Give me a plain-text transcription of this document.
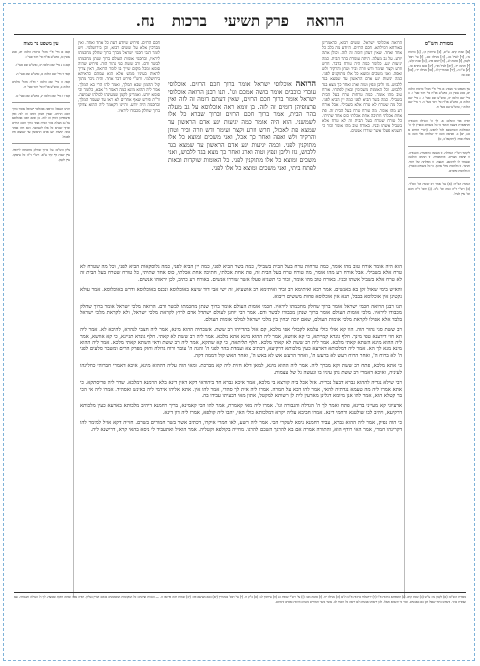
הרואה פרק תשיעי ברכות נח.
מסורת הש"ס

[א] שבת קיא. ע"ש, [ב] עירובין ק:, [ג] ברכות נד:, [ד] לעיל מג., [ה] מגילה כט., [ו] עי' תוס' לקמן, [ז] סוטה לג., [ח] יומא פה:, [ט] שבת קלג:, [י] חגיגה יד., [יא] לעיל מד:, [יב] בבא בתרא טו., [יג] ע"ז ה., [יד] סנהדרין לז., [טו] מגילה יד:, [טז] שם טו:

עין משפט נר מצוה: א מיי' פ"י מהל' ברכות הלכה יא, סמג עשין כז, טוש"ע או"ח סי' רכד סעי' ו. ב מיי' שם הלכה יב, טוש"ע שם סעי' ז. ג מיי' שם הלכה ט, טוש"ע או"ח סי' רכד סעי' ה. ד מיי' שם הלכה י, טוש"ע שם סעי' ח.

תורה אור השלם: א. לך ה' הגדלה והגבורה והתפארת והנצח וההוד כי כל בשמים ובארץ לך ה' הממלכה והמתנשא לכל לראש. (דברי הימים א כט, יא) ב. ואראה והנה יד שלוחה אלי והנה בו מגלת ספר. (יחזקאל ב, ט)

ליקוטי רש"י: הגדולה. זו מעשה בראשית. והגבורה. זו יציאת מצרים. והתפארת. זו החמה והלבנה שעמדו לו ליהושע. והנצח. זו מפלתה של רומי. וההוד. זו מלחמת נחלי ארנון. כי כל בשמים ובארץ. זו מלחמת סיסרא.

הגהות הב"ח: (א) גמ' אמר רב ששת וכו' הס"ד. (ב) רש"י ד"ה כמה וכו' נ"ב. (ג) תוס' ד"ה חכם וכו' עיין לעיל.

עין משפט נר מצוה

קסב א מיי' פ"י מהל' ברכות הלכה יא, סמג עשין כז, טוש"ע או"ח סי' רכד סעי' ו.

קסג ב ג מיי' שם הלכה יב, טוש"ע שם סעי' ז.

קסד ד מיי' שם הלכה ט, טוש"ע שם סעי' ה.

קסה ה מיי' שם הלכה י ופ"ה מהל' מלכים הלכה ב, טוש"ע או"ח סי' רכד סעי' ח.

קסו ו ז מיי' שם הלכה יג, טוש"ע שם סעי' ט.

רבינו חננאל: הרואה אוכלוסי ישראל אומר ברוך חכם הרזים. שאין דעתן דומה זה לזה ואין פרצופיהן דומין זה לזה. בן זומא ראה אוכלוסא על גב מעלה בהר הבית אמר ברוך חכם הרזים וברוך שברא כל אלו לשמשני. הוא היה אומר כמה יגיעות יגע אדם הראשון עד שמצא פת לאכול.

גליון הש"ס: גמ' ברוך שחלק מחכמתו ליראיו. עיין שבת דף קיד ע"א. רש"י ד"ה כל עיסוקו. עיין לקמן.

הרואה אוכלוסי ישראל. ששים רבוא, כדאמרינן באורחא דמילתא. חכם הרזים. היודע מה בלב כל אחד ואחד. שאין דעתן דומה זה לזה. וכולן אתה יודע. על גב מעלה. היתה עומדת בהר הבית. כמה יגיעות יגע. כלומר כמה היה טורח בדבר. חרש וזרע וקצר ועימר ודש וזרה וביר וטחן והרקיד ולש ואפה. ואני משכים ומוצא כל אלו מתוקנים לפני. כמה יגיעות יגע אדם הראשון עד שמצא בגד ללבוש. גזז וליבן ונפץ וטוה וארג ואחר כך מצא בגד ללבוש. וכל האומות משכימין ובאין לפתחי. אורח טוב מהו אומר. כמה טרחות טרח בעל הבית בשבילי. כמה בשר הביא לפני כמה יין הביא לפני. וכל מה שטרח לא טרח אלא בשבילי. אבל אורח רע מהו אומר. מה טורח טרח בעל הבית זה. פת אחת אכלתי חתיכה אחת אכלתי כוס אחד שתיתי. כל טורח שטרח בעל הבית זה לא טרח אלא בשביל אשתו ובניו. באורח טוב מהו אומר זכור כי תשגיא פעלו אשר שוררו אנשים.

חכם הרזים. פירוש שיודע דעת כל אחד ואחד. ואין מברכין אלא על ששים רבוא, וכן בירושלמי. ויש לומר דגבי חכמי ישראל מברך ברוך שחלק מחכמתו ליראיו, ובחכמי אומות העולם ברוך שנתן מחכמתו לבשר ודם. ורב ששת סגי נהור הוה. פירוש שהיה סומא ומכל מקום שייך בו לומר הרואה, דאין צריך לראות בעיניו ממש אלא הוא עמהם כדאיתא בירושלמי. ורש"י פירש דבר אחר. והיה ניכר מתוך קול ההמון שבא המלך, ואמר להו הרי בא המלך. אמר ליה ההוא מינא כמה דאמר ר' אבא, כלומר וכי סומא יודע. ואמרינן לקמן שמעינהו לכולהו שמיעה. ור"ת פירש שאף אחרים לא ראו עד שעמד המלך, ובחכמה היה יודע. והיינו דקאמר ליה ההוא צדוקי ברוך שחלק מכבודו ליראיו.

הרואה אוכלוסי ישראל אומר ברוך חכם הרזים. אוכלוסי עובדי כוכבים אומר בושה אמכם וגו'. תנו רבנן הרואה אוכלוסי ישראל אומר ברוך חכם הרזים, שאין דעתם דומה זה לזה ואין פרצופיהן דומים זה לזה. בן זומא ראה אוכלוסא על גב מעלה בהר הבית, אמר ברוך חכם הרזים וברוך שברא כל אלו לשמשני. הוא היה אומר כמה יגיעות יגע אדם הראשון עד שמצא פת לאכול, חרש וזרע וקצר ועימר ודש וזרה וביר וטחן והרקיד ולש ואפה ואחר כך אכל, ואני משכים ומוצא כל אלו מתוקנין לפני. וכמה יגיעות יגע אדם הראשון עד שמצא בגד ללבוש, גזז וליבן ונפץ וטוה וארג ואחר כך מצא בגד ללבוש, ואני משכים ומוצא כל אלו מתוקנין לפני. כל האומות שוקדות ובאות לפתח ביתי, ואני משכים ומוצא כל אלו לפני.

הוא היה אומר אורח טוב מהו אומר, כמה טרחות טרח בעל הבית בשבילי, כמה בשר הביא לפני, כמה יין הביא לפני, כמה גלוסקאות הביא לפני, וכל מה שטרח לא טרח אלא בשבילי. אבל אורח רע מהו אומר, מה טורח טרח בעל הבית זה, פת אחת אכלתי, חתיכה אחת אכלתי, כוס אחד שתיתי, כל טורח שטרח בעל הבית זה לא טרח אלא בשביל אשתו ובניו. באורח טוב מהו אומר, זכור כי תשגיא פעלו אשר שוררו אנשים. באורח רע כתיב, לכן יראוהו אנשים.

והאיש בימי שאול זקן בא באנשים. אמר רבא ואיתימא רב זביד ואיתימא רב אושעיא, זה ישי אבי דוד שיצא באוכלוסא ונכנס באוכלוסא ודרש באוכלוסא. אמר עולא נקטינן אין אוכלוסא בבבל, תנא אין אוכלוסא פחות מששים ריבוא.

תנו רבנן הרואה חכמי ישראל אומר ברוך שחלק מחכמתו ליראיו. חכמי אומות העולם אומר ברוך שנתן מחכמתו לבשר ודם. הרואה מלכי ישראל אומר ברוך שחלק מכבודו ליראיו. מלכי אומות העולם אומר ברוך שנתן מכבודו לבשר ודם. אמר רבי יוחנן לעולם ישתדל אדם לרוץ לקראת מלכי ישראל, ולא לקראת מלכי ישראל בלבד אלא אפילו לקראת מלכי אומות העולם, שאם יזכה יבחין בין מלכי ישראל למלכי אומות העולם.

רב ששת סגי נהור הוה. הוו קא אזלי כולי עלמא לקבולי אפי מלכא, קם אזל בהדייהו רב ששת. אשכחיה ההוא מינא, אמר ליה חצבי לנהרא, להיכא לא. אמר ליה תא חזי דידענא טפי מינך. חלף גונדא קמייתא, כי קא אוושא, אמר ליה ההוא מינא אתא מלכא. אמר ליה רב ששת לא קאתי. חלף גונדא תניינא, כי קא אוושא, אמר ליה ההוא מינא השתא קאתי מלכא. אמר ליה רב ששת לא קאתי מלכא. חלף תליתאה, כי קא שתקא, אמר ליה רב ששת ודאי השתא קאתי מלכא. אמר ליה ההוא מינא מנא לך הא. אמר ליה דמלכותא דארעא כעין מלכותא דרקיעא, דכתיב צא ועמדת בהר לפני ה' והנה ה' עובר ורוח גדולה וחזק מפרק הרים ומשבר סלעים לפני ה' לא ברוח ה', ואחר הרוח רעש לא ברעש ה', ואחר הרעש אש לא באש ה', ואחר האש קול דממה דקה.

כי אתא מלכא, פתח רב ששת וקא מברך ליה. אמר ליה ההוא מינא, למאן דלא חזית ליה קא מברכת. ומאי הוה עליה דההוא מינא, איכא דאמרי חברוהי כחלינהו לעיניה, ואיכא דאמרי רב ששת נתן עיניו בו ונעשה גל של עצמות.

רבי שילא נגדיה לההוא גברא דבעל נכרית. אזל אכל ביה קורצא בי מלכא, אמר איכא גברא חד ביהודאי דקא דאין דינא בלא הרמנא דמלכא. שדר ליה פריסתקא. כי אתא אמרו ליה מה טעמא נגדתיה להאי, אמר להו דבא על חמרה. אמרו ליה אית לך סהדי, אמר להו אין. אתא אליהו אידמי ליה כאינש ואסהיד. אמרו ליה אי הכי בר קטלא הוא, אמר להו אנן מיומא דגלינן מארעין לית לן רשותא למקטל, אתון מאי דבעיתו עבידו בה.

אדעיוני קא מעייני בדינא, פתח ואמר לך ה' הגדלה והגבורה וגו'. אמרו ליה מאי קאמרת, אמר להו הכי קאמינא, בריך רחמנא דיהיב מלכותא בארעא כעין מלכותא דרקיעא, ויהיב לכו שולטנא ורחמי דינא. אמרו חביבא עליה יקרא דמלכותא כולי האי, יהבו ליה קולפא, אמרו ליה דון דינא.

כי הוה נפיק, אמר ליה ההוא גברא, עביד רחמנא ניסא לשקרי הכי. אמר ליה רשע, לאו חמרי איקרו, דכתיב אשר בשר חמורים בשרם. חזייה דקא אזיל למימר להו דקרינהו חמרי, אמר האי רודף הוא, והתורה אמרה אם בא להרגך השכם להרגו. מחייה בקולפא וקטליה. אמר הואיל ואתעביד לי ניסא בהאי קרא, דרישנא ליה.

מסורת הש"ס: (א) לקמן נח: ע"ש (ב) שבת קיא. (ג) תוספתא ברכות פ"ו (ד) ירושלמי ברכות פ"ט ה"א (ה) מגילה יח. (ו) סוטה מט: (ז) עי' רש"י שמות כג (ח) עירובין לג: (ט) ב"ק ח. (י) עי' תוס' סנהדרין (יא) בבא מציעא פה: (יב) שמות רבה פרשה ה. — הגהות וציונים: כל המקומות המסומנים בכוכב יעויין בגליון. תורה אור: ואתה חזקת ואמצת. לך ה' הגדלה והגבורה. צא ועמדת בהר. והאיש בימי שאול זקן בא באנשים. זכור כי תשגיא פעלו. לכן יראוהו אנשים לא יראה כל חכמי לב. אשר בשר חמורים בשרם וזרמת סוסים זרמתם.
